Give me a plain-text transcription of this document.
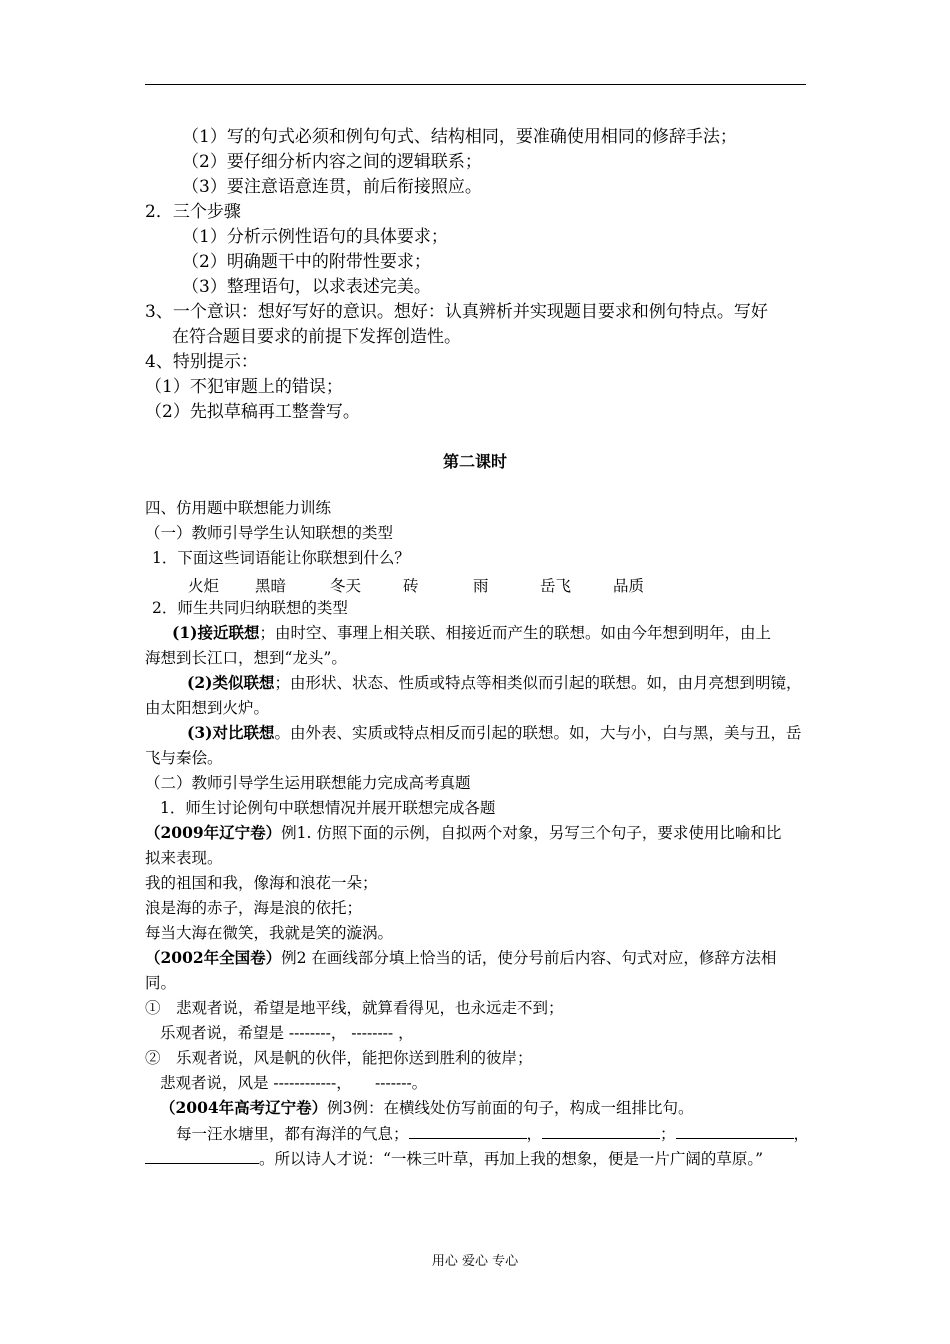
（1）写的句式必须和例句句式、结构相同，要准确使用相同的修辞手法；

（2）要仔细分析内容之间的逻辑联系；

（3）要注意语意连贯，前后衔接照应。

2．三个步骤

（1）分析示例性语句的具体要求；

（2）明确题干中的附带性要求；

（3）整理语句，以求表述完美。

3、一个意识：想好写好的意识。想好：认真辨析并实现题目要求和例句特点。写好

在符合题目要求的前提下发挥创造性。

4、特别提示：

（1）不犯审题上的错误；

（2）先拟草稿再工整誊写。

第二课时

四、仿用题中联想能力训练

（一）教师引导学生认知联想的类型

1．下面这些词语能让你联想到什么？

火炬 黑暗	冬天	砖	雨	岳飞	品质

2．师生共同归纳联想的类型

(1)接近联想；由时空、事理上相关联、相接近而产生的联想。如由今年想到明年，由上

海想到长江口，想到“龙头”。

(2)类似联想；由形状、状态、性质或特点等相类似而引起的联想。如，由月亮想到明镜，

由太阳想到火炉。

(3)对比联想。由外表、实质或特点相反而引起的联想。如，大与小，白与黑，美与丑，岳

飞与秦侩。

（二）教师引导学生运用联想能力完成高考真题

1．师生讨论例句中联想情况并展开联想完成各题

（2009年辽宁卷）例1. 仿照下面的示例，自拟两个对象，另写三个句子，要求使用比喻和比

拟来表现。

我的祖国和我，像海和浪花一朵；

浪是海的赤子，海是浪的依托；

每当大海在微笑，我就是笑的漩涡。

（2002年全国卷）例2 在画线部分填上恰当的话，使分号前后内容、句式对应，修辞方法相

同。

①　悲观者说，希望是地平线，就算看得见，也永远走不到；

乐观者说，希望是 --------， -------- ，

②　乐观者说，风是帆的伙伴，能把你送到胜利的彼岸；

悲观者说，风是 ------------，　　-------。

（2004年高考辽宁卷）例3例：在横线处仿写前面的句子，构成一组排比句。

每一汪水塘里，都有海洋的气息；	，	；	，

。所以诗人才说：“一株三叶草，再加上我的想象，便是一片广阔的草原。”

用心 爱心 专心
